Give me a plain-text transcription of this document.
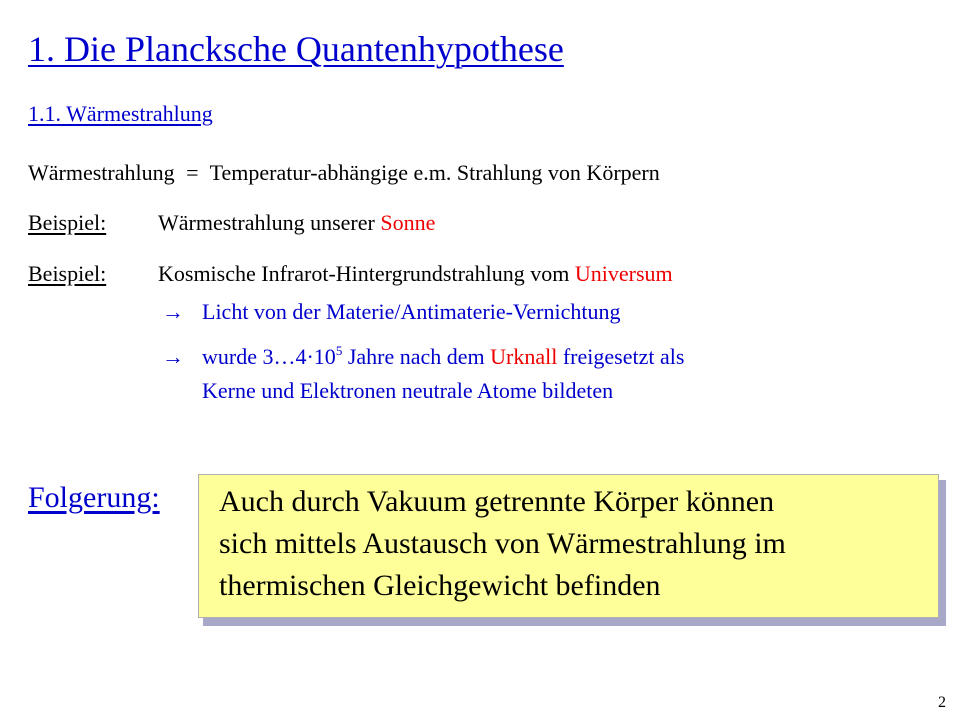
1. Die Plancksche Quantenhypothese
1.1. Wärmestrahlung
Wärmestrahlung = Temperatur-abhängige e.m. Strahlung von Körpern
Beispiel: Wärmestrahlung unserer Sonne
Beispiel: Kosmische Infrarot-Hintergrundstrahlung vom Universum
→ Licht von der Materie/Antimaterie-Vernichtung
→ wurde $3\dots 4\cdot 10^5$ Jahre nach dem Urknall freigesetzt als
Kerne und Elektronen neutrale Atome bildeten
Folgerung: Auch durch Vakuum getrennte Körper können
sich mittels Austausch von Wärmestrahlung im
thermischen Gleichgewicht befinden
2
